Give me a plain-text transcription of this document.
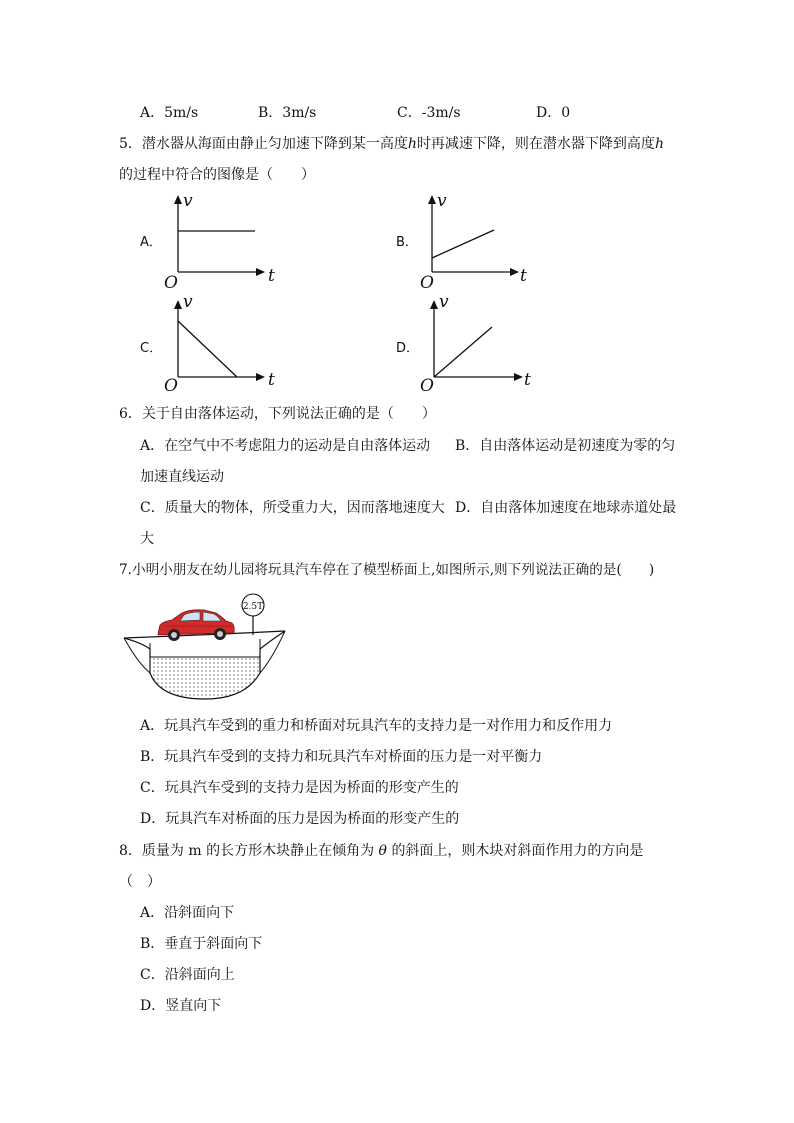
A．5m/s	B．3m/s	C．-3m/s	D．0
5．潜水器从海面由静止匀加速下降到某一高度h时再减速下降，则在潜水器下降到高度h
的过程中符合的图像是（　　）
A．
v
t
O
B．
v
t
O
C．
v
t
O
D．
v
t
O
6．关于自由落体运动，下列说法正确的是（　　）
A．在空气中不考虑阻力的运动是自由落体运动 B．自由落体运动是初速度为零的匀
加速直线运动
C．质量大的物体，所受重力大，因而落地速度大 D．自由落体加速度在地球赤道处最
大
7.小明小朋友在幼儿园将玩具汽车停在了模型桥面上,如图所示,则下列说法正确的是(　　)
2.5T
A．玩具汽车受到的重力和桥面对玩具汽车的支持力是一对作用力和反作用力
B．玩具汽车受到的支持力和玩具汽车对桥面的压力是一对平衡力
C．玩具汽车受到的支持力是因为桥面的形变产生的
D．玩具汽车对桥面的压力是因为桥面的形变产生的
8．质量为 m 的长方形木块静止在倾角为 θ 的斜面上，则木块对斜面作用力的方向是
（　）
A．沿斜面向下
B．垂直于斜面向下
C．沿斜面向上
D．竖直向下
